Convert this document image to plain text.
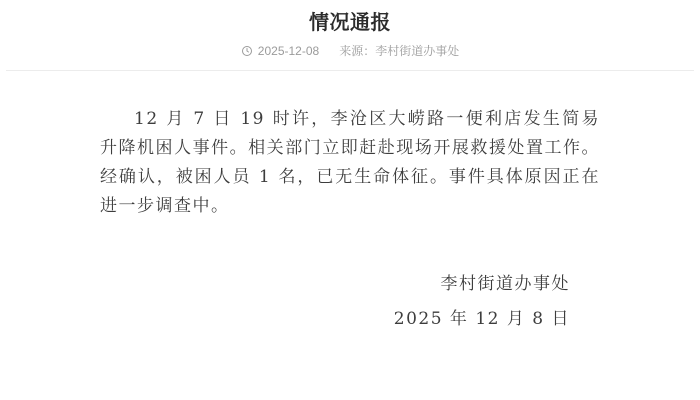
情况通报
2025-12-08 来源：李村街道办事处

12 月 7 日 19 时许，李沧区大崂路一便利店发生简易升降机困人事件。相关部门立即赶赴现场开展救援处置工作。经确认，被困人员 1 名，已无生命体征。事件具体原因正在进一步调查中。

李村街道办事处
2025 年 12 月 8 日
